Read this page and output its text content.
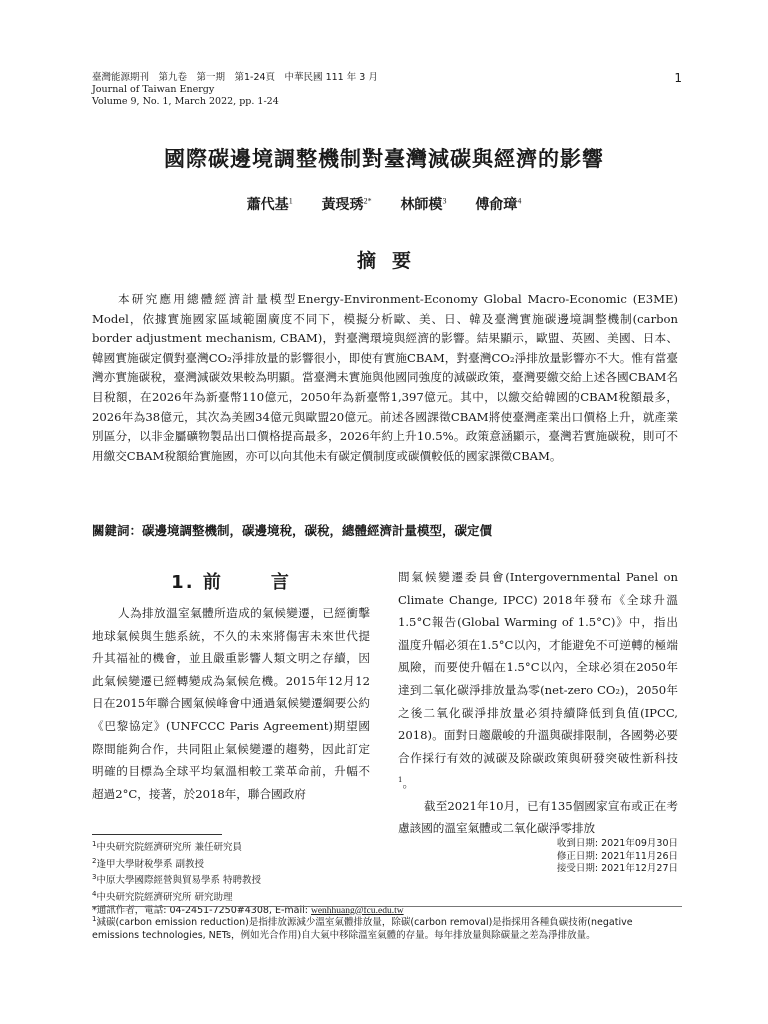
臺灣能源期刊　第九卷　第一期　第1-24頁　中華民國 111 年 3 月	1
Journal of Taiwan Energy
Volume 9, No. 1, March 2022, pp. 1-24
國際碳邊境調整機制對臺灣減碳與經濟的影響
蕭代基$^1$ 黃琝琇$^{2*}$ 林師模$^3$ 傅俞璋$^4$
摘要

本研究應用總體經濟計量模型Energy-Environment-Economy Global Macro-Economic (E3ME) Model，依據實施國家區域範圍廣度不同下，模擬分析歐、美、日、韓及臺灣實施碳邊境調整機制(carbon border adjustment mechanism, CBAM)，對臺灣環境與經濟的影響。結果顯示，歐盟、英國、美國、日本、韓國實施碳定價對臺灣CO₂淨排放量的影響很小，即使有實施CBAM，對臺灣CO₂淨排放量影響亦不大。惟有當臺灣亦實施碳稅，臺灣減碳效果較為明顯。當臺灣未實施與他國同強度的減碳政策，臺灣要繳交給上述各國CBAM名目稅額，在2026年為新臺幣110億元，2050年為新臺幣1,397億元。其中，以繳交給韓國的CBAM稅額最多，2026年為38億元，其次為美國34億元與歐盟20億元。前述各國課徵CBAM將使臺灣產業出口價格上升，就產業別區分，以非金屬礦物製品出口價格提高最多，2026年約上升10.5%。政策意涵顯示，臺灣若實施碳稅，則可不用繳交CBAM稅額給實施國，亦可以向其他未有碳定價制度或碳價較低的國家課徵CBAM。

關鍵詞：碳邊境調整機制，碳邊境稅，碳稅，總體經濟計量模型，碳定價
1. 前	言

人為排放溫室氣體所造成的氣候變遷，已經衝擊地球氣候與生態系統，不久的未來將傷害未來世代提升其福祉的機會，並且嚴重影響人類文明之存續，因此氣候變遷已經轉變成為氣候危機。2015年12月12日在2015年聯合國氣候峰會中通過氣候變遷綱要公約《巴黎協定》(UNFCCC Paris Agreement)期望國際間能夠合作，共同阻止氣候變遷的趨勢，因此訂定明確的目標為全球平均氣溫相較工業革命前，升幅不超過2°C，接著，於2018年，聯合國政府

間氣候變遷委員會(Intergovernmental Panel on Climate Change, IPCC) 2018年發布《全球升溫1.5°C報告(Global Warming of 1.5°C)》中，指出溫度升幅必須在1.5°C以內，才能避免不可逆轉的極端風險，而要使升幅在1.5°C以內，全球必須在2050年達到二氧化碳淨排放量為零(net-zero CO₂)，2050年之後二氧化碳淨排放量必須持續降低到負值(IPCC, 2018)。面對日趨嚴峻的升溫與碳排限制，各國勢必要合作採行有效的減碳及除碳政策與研發突破性新科技$^1$。

截至2021年10月，已有135個國家宣布或正在考慮該國的溫室氣體或二氧化碳淨零排放

$^1$中央研究院經濟研究所 兼任研究員
$^2$逢甲大學財稅學系 副教授
$^3$中原大學國際經營與貿易學系 特聘教授
$^4$中央研究院經濟研究所 研究助理
*通訊作者，電話: 04-2451-7250#4308, E-mail: wenhhuang@fcu.edu.tw
收到日期: 2021年09月30日
修正日期: 2021年11月26日
接受日期: 2021年12月27日
$^1$減碳(carbon emission reduction)是指排放源減少溫室氣體排放量，除碳(carbon removal)是指採用各種負碳技術(negative emissions technologies, NETs，例如光合作用)自大氣中移除溫室氣體的存量。每年排放量與除碳量之差為淨排放量。
